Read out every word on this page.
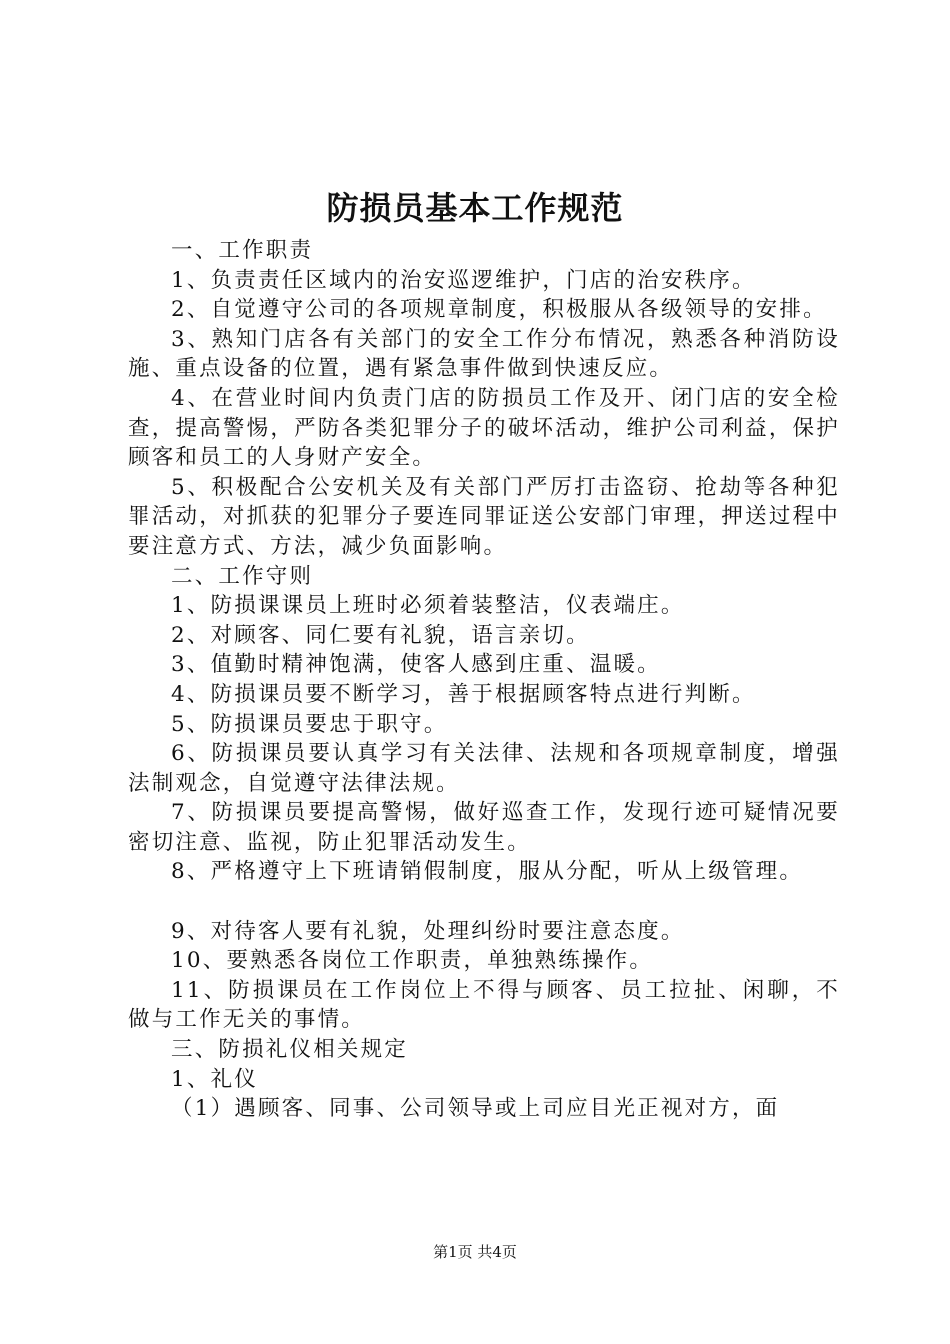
防损员基本工作规范

一、工作职责

1、负责责任区域内的治安巡逻维护，门店的治安秩序。

2、自觉遵守公司的各项规章制度，积极服从各级领导的安排。

3、熟知门店各有关部门的安全工作分布情况，熟悉各种消防设施、重点设备的位置，遇有紧急事件做到快速反应。

4、在营业时间内负责门店的防损员工作及开、闭门店的安全检查，提高警惕，严防各类犯罪分子的破坏活动，维护公司利益，保护顾客和员工的人身财产安全。

5、积极配合公安机关及有关部门严厉打击盗窃、抢劫等各种犯罪活动，对抓获的犯罪分子要连同罪证送公安部门审理，押送过程中要注意方式、方法，减少负面影响。

二、工作守则

1、防损课课员上班时必须着装整洁，仪表端庄。

2、对顾客、同仁要有礼貌，语言亲切。

3、值勤时精神饱满，使客人感到庄重、温暖。

4、防损课员要不断学习，善于根据顾客特点进行判断。

5、防损课员要忠于职守。

6、防损课员要认真学习有关法律、法规和各项规章制度，增强法制观念，自觉遵守法律法规。

7、防损课员要提高警惕，做好巡查工作，发现行迹可疑情况要密切注意、监视，防止犯罪活动发生。

8、严格遵守上下班请销假制度，服从分配，听从上级管理。

9、对待客人要有礼貌，处理纠纷时要注意态度。

10、要熟悉各岗位工作职责，单独熟练操作。

11、防损课员在工作岗位上不得与顾客、员工拉扯、闲聊，不做与工作无关的事情。

三、防损礼仪相关规定

1、礼仪

（1）遇顾客、同事、公司领导或上司应目光正视对方，面

第1页 共4页
